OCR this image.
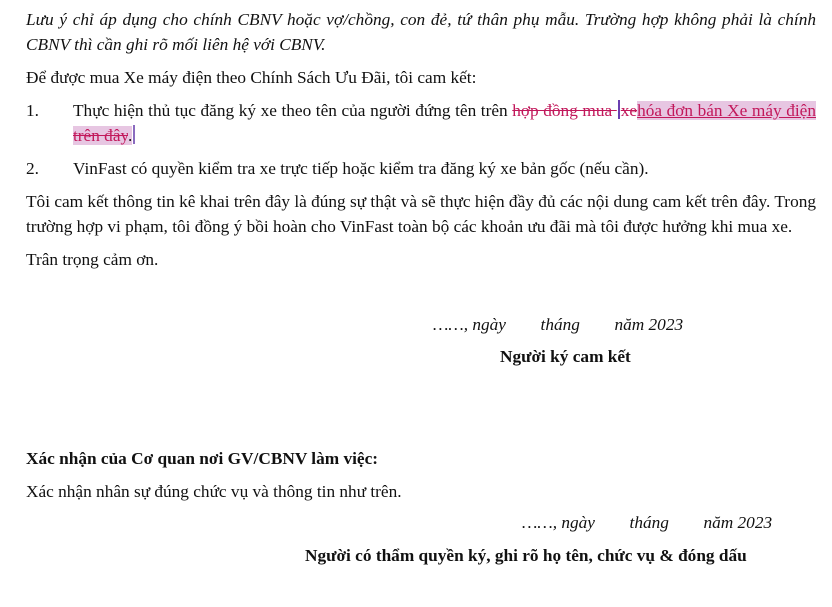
Lưu ý chỉ áp dụng cho chính CBNV hoặc vợ/chồng, con đẻ, tứ thân phụ mẫu. Trường hợp không phải là chính CBNV thì cần ghi rõ mối liên hệ với CBNV.

Để được mua Xe máy điện theo Chính Sách Ưu Đãi, tôi cam kết:

1. Thực hiện thủ tục đăng ký xe theo tên của người đứng tên trên hợp đồng mua xehóa đơn bán Xe máy điện trên đây.
2. VinFast có quyền kiểm tra xe trực tiếp hoặc kiểm tra đăng ký xe bản gốc (nếu cần).

Tôi cam kết thông tin kê khai trên đây là đúng sự thật và sẽ thực hiện đầy đủ các nội dung cam kết trên đây. Trong trường hợp vi phạm, tôi đồng ý bồi hoàn cho VinFast toàn bộ các khoản ưu đãi mà tôi được hưởng khi mua xe.

Trân trọng cảm ơn.

……, ngày        tháng        năm 2023
Người ký cam kết
Xác nhận của Cơ quan nơi GV/CBNV làm việc:
Xác nhận nhân sự đúng chức vụ và thông tin như trên.
……, ngày        tháng        năm 2023
Người có thẩm quyền ký, ghi rõ họ tên, chức vụ & đóng dấu
